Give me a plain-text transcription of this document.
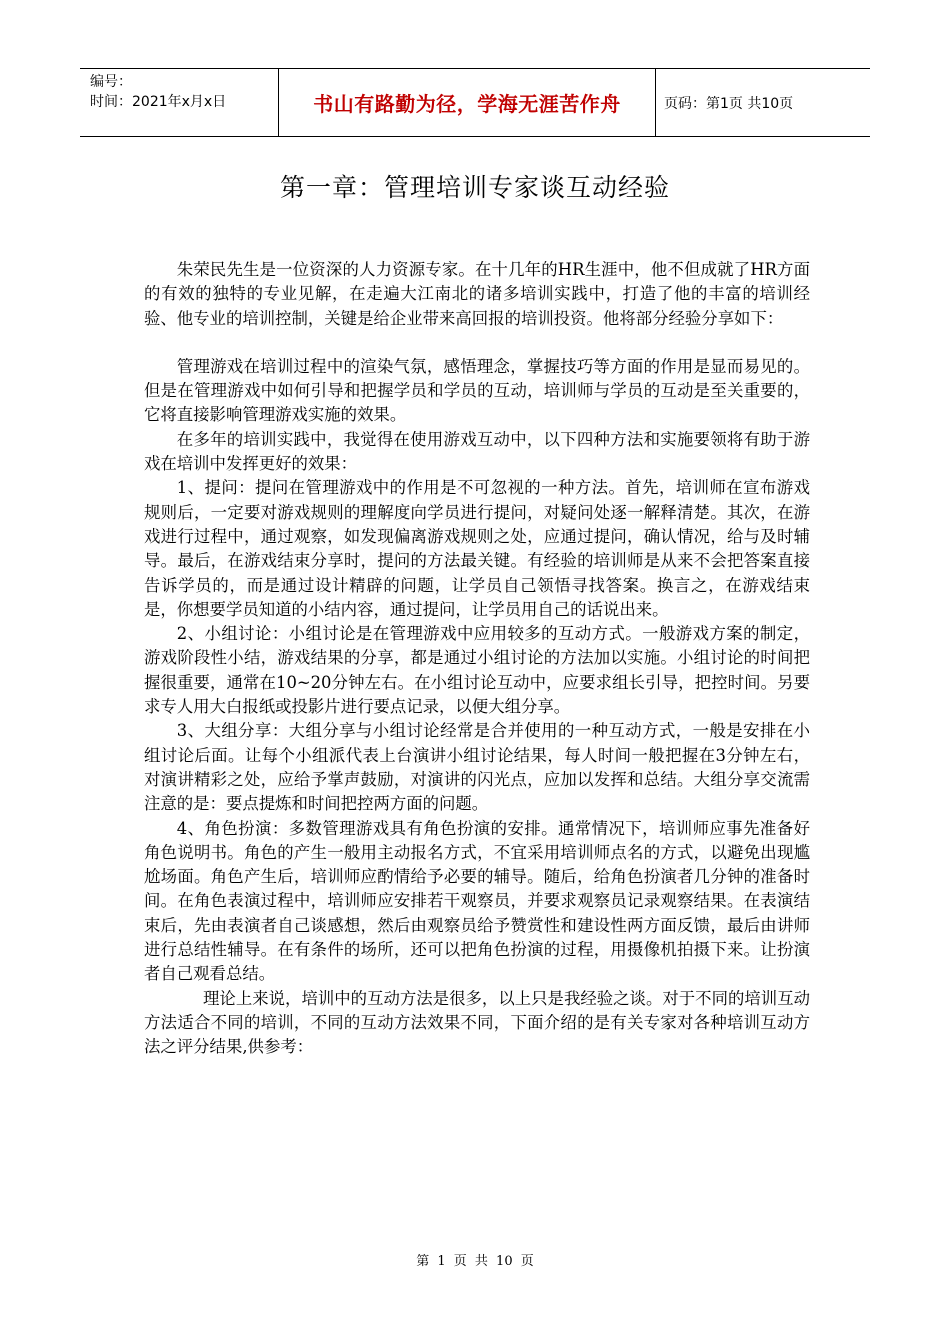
编号：
时间：2021年x月x日	书山有路勤为径，学海无涯苦作舟	页码：第1页 共10页
第一章：管理培训专家谈互动经验

朱荣民先生是一位资深的人力资源专家。在十几年的HR生涯中，他不但成就了HR方面的有效的独特的专业见解，在走遍大江南北的诸多培训实践中，打造了他的丰富的培训经验、他专业的培训控制，关键是给企业带来高回报的培训投资。他将部分经验分享如下：

管理游戏在培训过程中的渲染气氛，感悟理念，掌握技巧等方面的作用是显而易见的。但是在管理游戏中如何引导和把握学员和学员的互动，培训师与学员的互动是至关重要的，它将直接影响管理游戏实施的效果。

在多年的培训实践中，我觉得在使用游戏互动中，以下四种方法和实施要领将有助于游戏在培训中发挥更好的效果：

1、提问：提问在管理游戏中的作用是不可忽视的一种方法。首先，培训师在宣布游戏规则后，一定要对游戏规则的理解度向学员进行提问，对疑问处逐一解释清楚。其次，在游戏进行过程中，通过观察，如发现偏离游戏规则之处，应通过提问，确认情况，给与及时辅导。最后，在游戏结束分享时，提问的方法最关键。有经验的培训师是从来不会把答案直接告诉学员的，而是通过设计精辟的问题，让学员自己领悟寻找答案。换言之，在游戏结束是，你想要学员知道的小结内容，通过提问，让学员用自己的话说出来。

2、小组讨论：小组讨论是在管理游戏中应用较多的互动方式。一般游戏方案的制定，游戏阶段性小结，游戏结果的分享，都是通过小组讨论的方法加以实施。小组讨论的时间把握很重要，通常在10~20分钟左右。在小组讨论互动中，应要求组长引导，把控时间。另要求专人用大白报纸或投影片进行要点记录，以便大组分享。

3、大组分享：大组分享与小组讨论经常是合并使用的一种互动方式，一般是安排在小组讨论后面。让每个小组派代表上台演讲小组讨论结果，每人时间一般把握在3分钟左右，对演讲精彩之处，应给予掌声鼓励，对演讲的闪光点，应加以发挥和总结。大组分享交流需注意的是：要点提炼和时间把控两方面的问题。

4、角色扮演：多数管理游戏具有角色扮演的安排。通常情况下，培训师应事先准备好角色说明书。角色的产生一般用主动报名方式，不宜采用培训师点名的方式，以避免出现尴尬场面。角色产生后，培训师应酌情给予必要的辅导。随后，给角色扮演者几分钟的准备时间。在角色表演过程中，培训师应安排若干观察员，并要求观察员记录观察结果。在表演结束后，先由表演者自己谈感想，然后由观察员给予赞赏性和建设性两方面反馈，最后由讲师进行总结性辅导。在有条件的场所，还可以把角色扮演的过程，用摄像机拍摄下来。让扮演者自己观看总结。

理论上来说，培训中的互动方法是很多，以上只是我经验之谈。对于不同的培训互动方法适合不同的培训，不同的互动方法效果不同，下面介绍的是有关专家对各种培训互动方法之评分结果,供参考：

第 1 页 共 10 页
